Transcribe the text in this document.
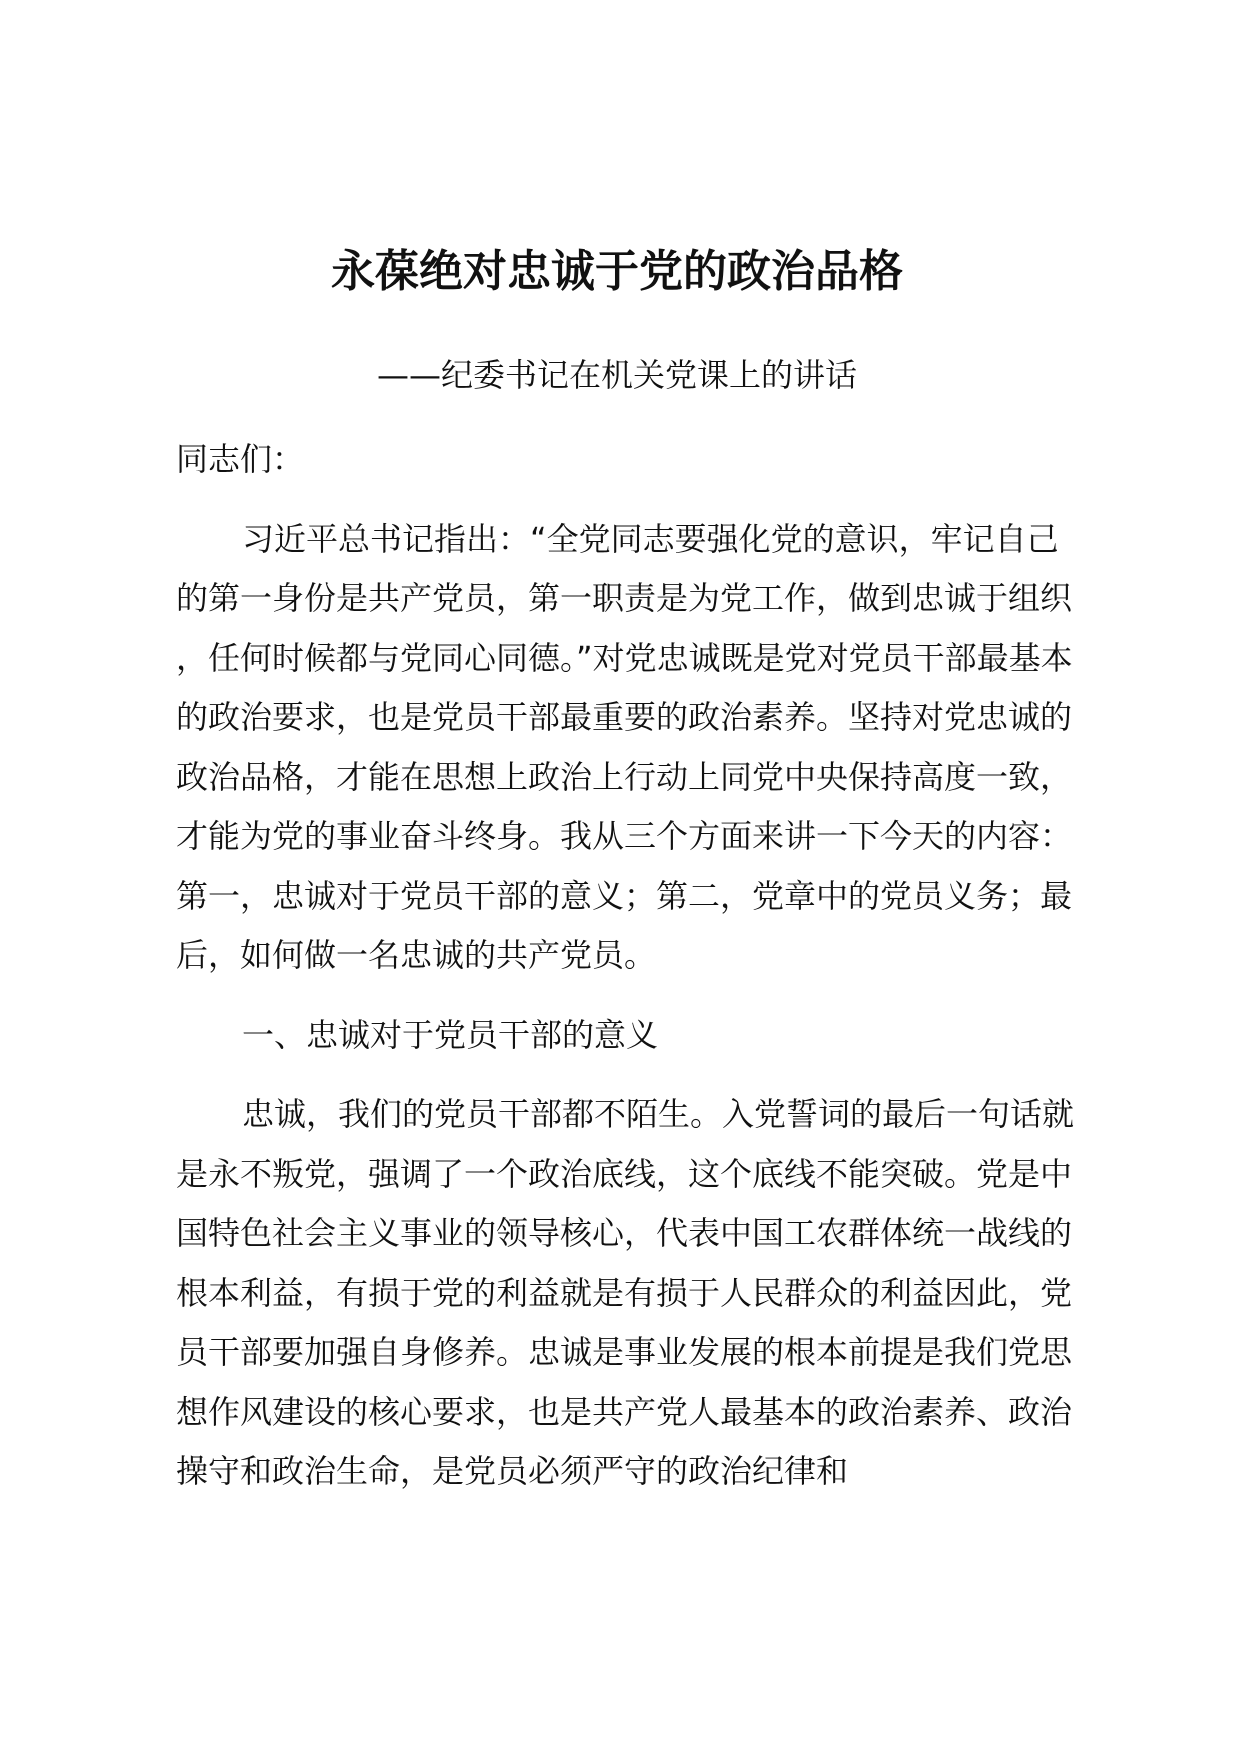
永葆绝对忠诚于党的政治品格
——纪委书记在机关党课上的讲话

同志们：

习近平总书记指出：“全党同志要强化党的意识，牢记自己的第一身份是共产党员，第一职责是为党工作，做到忠诚于组织，任何时候都与党同心同德。”对党忠诚既是党对党员干部最基本的政治要求，也是党员干部最重要的政治素养。坚持对党忠诚的政治品格，才能在思想上政治上行动上同党中央保持高度一致，才能为党的事业奋斗终身。我从三个方面来讲一下今天的内容：第一，忠诚对于党员干部的意义；第二，党章中的党员义务；最后，如何做一名忠诚的共产党员。

一、忠诚对于党员干部的意义

忠诚，我们的党员干部都不陌生。入党誓词的最后一句话就是永不叛党，强调了一个政治底线，这个底线不能突破。党是中国特色社会主义事业的领导核心，代表中国工农群体统一战线的根本利益，有损于党的利益就是有损于人民群众的利益因此，党员干部要加强自身修养。忠诚是事业发展的根本前提是我们党思想作风建设的核心要求，也是共产党人最基本的政治素养、政治操守和政治生命，是党员必须严守的政治纪律和
